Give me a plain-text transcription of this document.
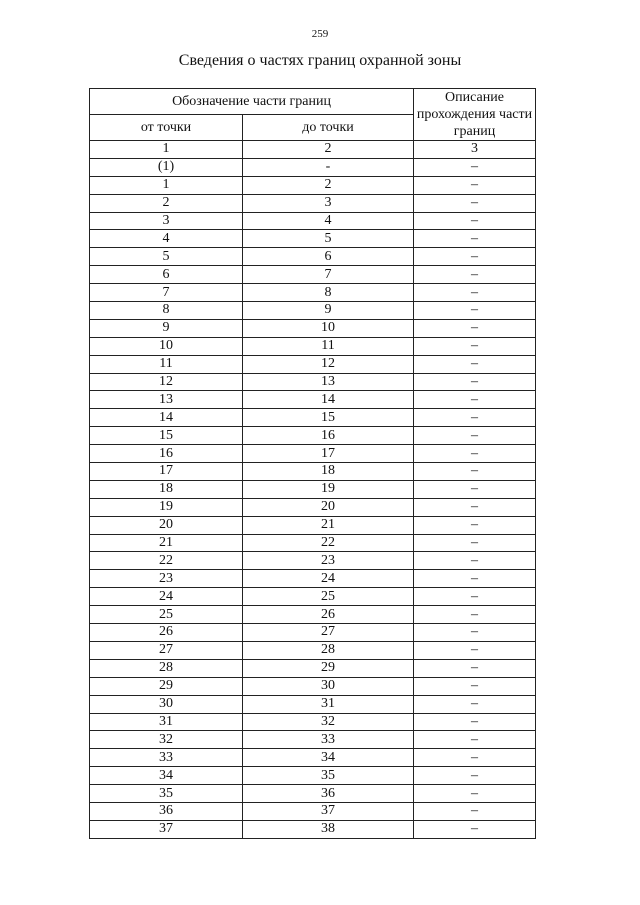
259
Сведения о частях границ охранной зоны
Обозначение части границ		Описание прохождения части границ
от точки	до точки	
1	2	3
(1)	-	–
1	2	–
2	3	–
3	4	–
4	5	–
5	6	–
6	7	–
7	8	–
8	9	–
9	10	–
10	11	–
11	12	–
12	13	–
13	14	–
14	15	–
15	16	–
16	17	–
17	18	–
18	19	–
19	20	–
20	21	–
21	22	–
22	23	–
23	24	–
24	25	–
25	26	–
26	27	–
27	28	–
28	29	–
29	30	–
30	31	–
31	32	–
32	33	–
33	34	–
34	35	–
35	36	–
36	37	–
37	38	–
